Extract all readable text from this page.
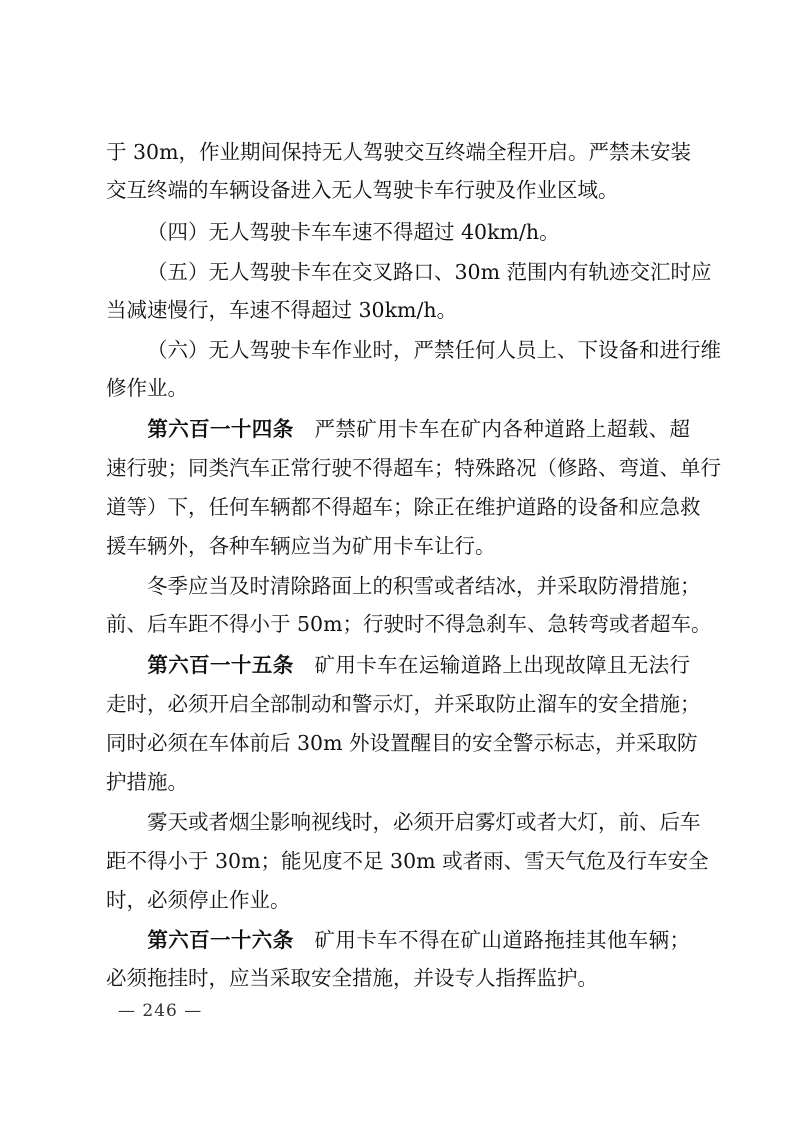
于 30m，作业期间保持无人驾驶交互终端全程开启。严禁未安装
交互终端的车辆设备进入无人驾驶卡车行驶及作业区域。
（四）无人驾驶卡车车速不得超过 40km/h。
（五）无人驾驶卡车在交叉路口、30m 范围内有轨迹交汇时应
当减速慢行，车速不得超过 30km/h。
（六）无人驾驶卡车作业时，严禁任何人员上、下设备和进行维
修作业。
第六百一十四条　 严禁矿用卡车在矿内各种道路上超载、超
速行驶；同类汽车正常行驶不得超车；特殊路况（修路、弯道、单行
道等）下，任何车辆都不得超车；除正在维护道路的设备和应急救
援车辆外，各种车辆应当为矿用卡车让行。
冬季应当及时清除路面上的积雪或者结冰，并采取防滑措施；
前、后车距不得小于 50m；行驶时不得急刹车、急转弯或者超车。
第六百一十五条　 矿用卡车在运输道路上出现故障且无法行
走时，必须开启全部制动和警示灯，并采取防止溜车的安全措施；
同时必须在车体前后 30m 外设置醒目的安全警示标志，并采取防
护措施。
雾天或者烟尘影响视线时，必须开启雾灯或者大灯，前、后车
距不得小于 30m；能见度不足 30m 或者雨、雪天气危及行车安全
时，必须停止作业。
第六百一十六条　 矿用卡车不得在矿山道路拖挂其他车辆；
必须拖挂时，应当采取安全措施，并设专人指挥监护。
— 246 —
